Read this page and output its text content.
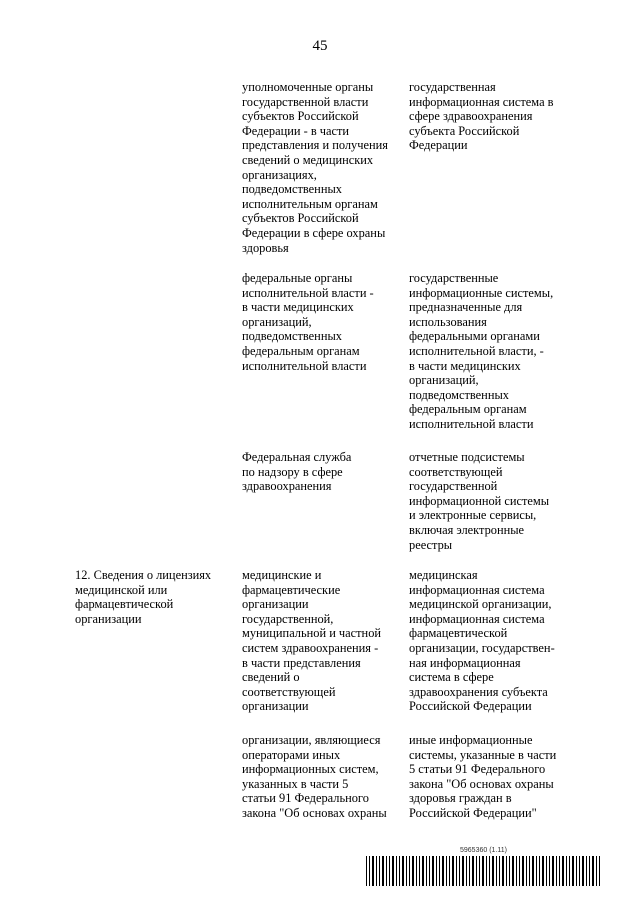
45
уполномоченные органы
государственной власти
субъектов Российской
Федерации - в части
представления и получения
сведений о медицинских
организациях,
подведомственных
исполнительным органам
субъектов Российской
Федерации в сфере охраны
здоровья
государственная
информационная система в
сфере здравоохранения
субъекта Российской
Федерации
федеральные органы
исполнительной власти -
в части медицинских
организаций,
подведомственных
федеральным органам
исполнительной власти
государственные
информационные системы,
предназначенные для
использования
федеральными органами
исполнительной власти, -
в части медицинских
организаций,
подведомственных
федеральным органам
исполнительной власти
Федеральная служба
по надзору в сфере
здравоохранения
отчетные подсистемы
соответствующей
государственной
информационной системы
и электронные сервисы,
включая электронные
реестры
12. Сведения о лицензиях
медицинской или
фармацевтической
организации
медицинские и
фармацевтические
организации
государственной,
муниципальной и частной
систем здравоохранения -
в части представления
сведений о
соответствующей
организации
медицинская
информационная система
медицинской организации,
информационная система
фармацевтической
организации, государствен-
ная информационная
система в сфере
здравоохранения субъекта
Российской Федерации
организации, являющиеся
операторами иных
информационных систем,
указанных в части 5
статьи 91 Федерального
закона "Об основах охраны
иные информационные
системы, указанные в части
5 статьи 91 Федерального
закона "Об основах охраны
здоровья граждан в
Российской Федерации"
5965360 (1.11)
